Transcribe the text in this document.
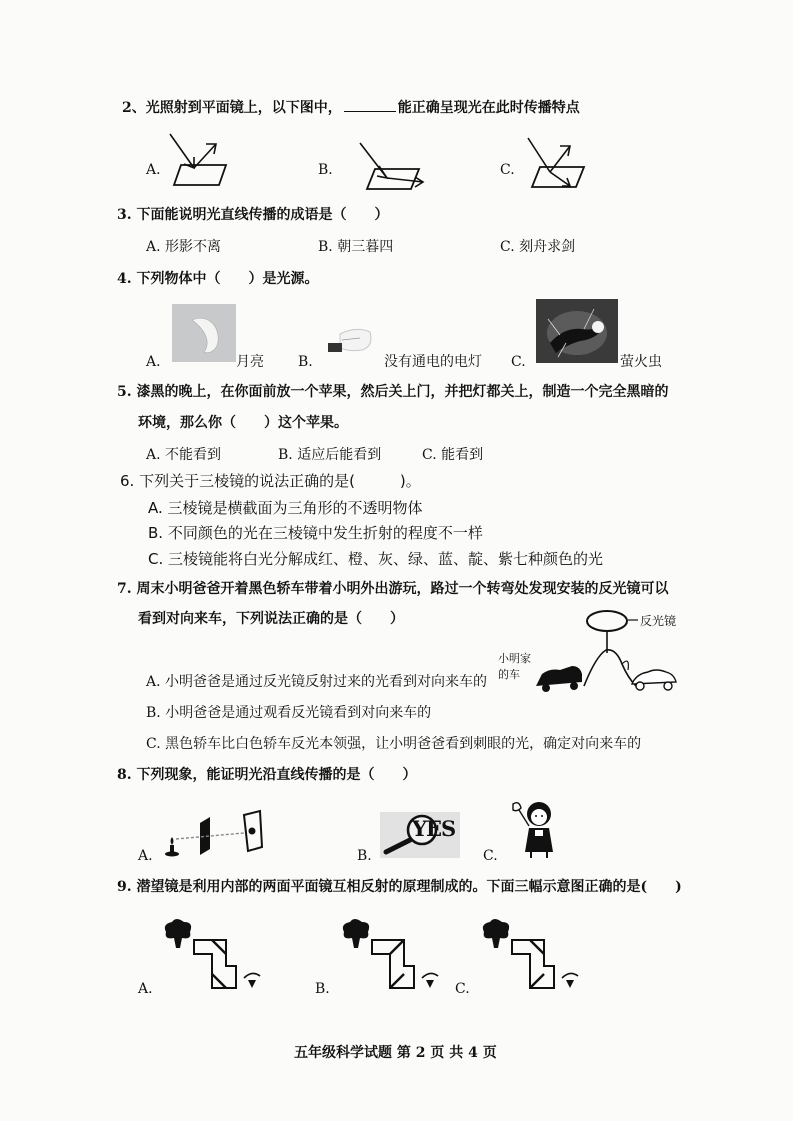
2、光照射到平面镜上，以下图中，	能正确呈现光在此时传播特点
A.	B.	C.
3. 下面能说明光直线传播的成语是（　　）
A. 形影不离	B. 朝三暮四	C. 刻舟求剑
4. 下列物体中（　　）是光源。
A.	月亮 B.	没有通电的电灯 C.	萤火虫
5. 漆黑的晚上，在你面前放一个苹果，然后关上门，并把灯都关上，制造一个完全黑暗的
环境，那么你（　　）这个苹果。
A. 不能看到	B. 适应后能看到	C. 能看到
6. 下列关于三棱镜的说法正确的是(　　　)。
A. 三棱镜是横截面为三角形的不透明物体
B. 不同颜色的光在三棱镜中发生折射的程度不一样
C. 三棱镜能将白光分解成红、橙、灰、绿、蓝、靛、紫七种颜色的光
7. 周末小明爸爸开着黑色轿车带着小明外出游玩，路过一个转弯处发现安装的反光镜可以
看到对向来车，下列说法正确的是（　　）	反光镜
小明家
的车
A. 小明爸爸是通过反光镜反射过来的光看到对向来车的
B. 小明爸爸是通过观看反光镜看到对向来车的
C. 黑色轿车比白色轿车反光本领强，让小明爸爸看到刺眼的光，确定对向来车的
8. 下列现象，能证明光沿直线传播的是（　　）
A.	B.
YES
C.
9. 潜望镜是利用内部的两面平面镜互相反射的原理制成的。下面三幅示意图正确的是(　　)
A.	B.	C.
五年级科学试题 第 2 页 共 4 页
